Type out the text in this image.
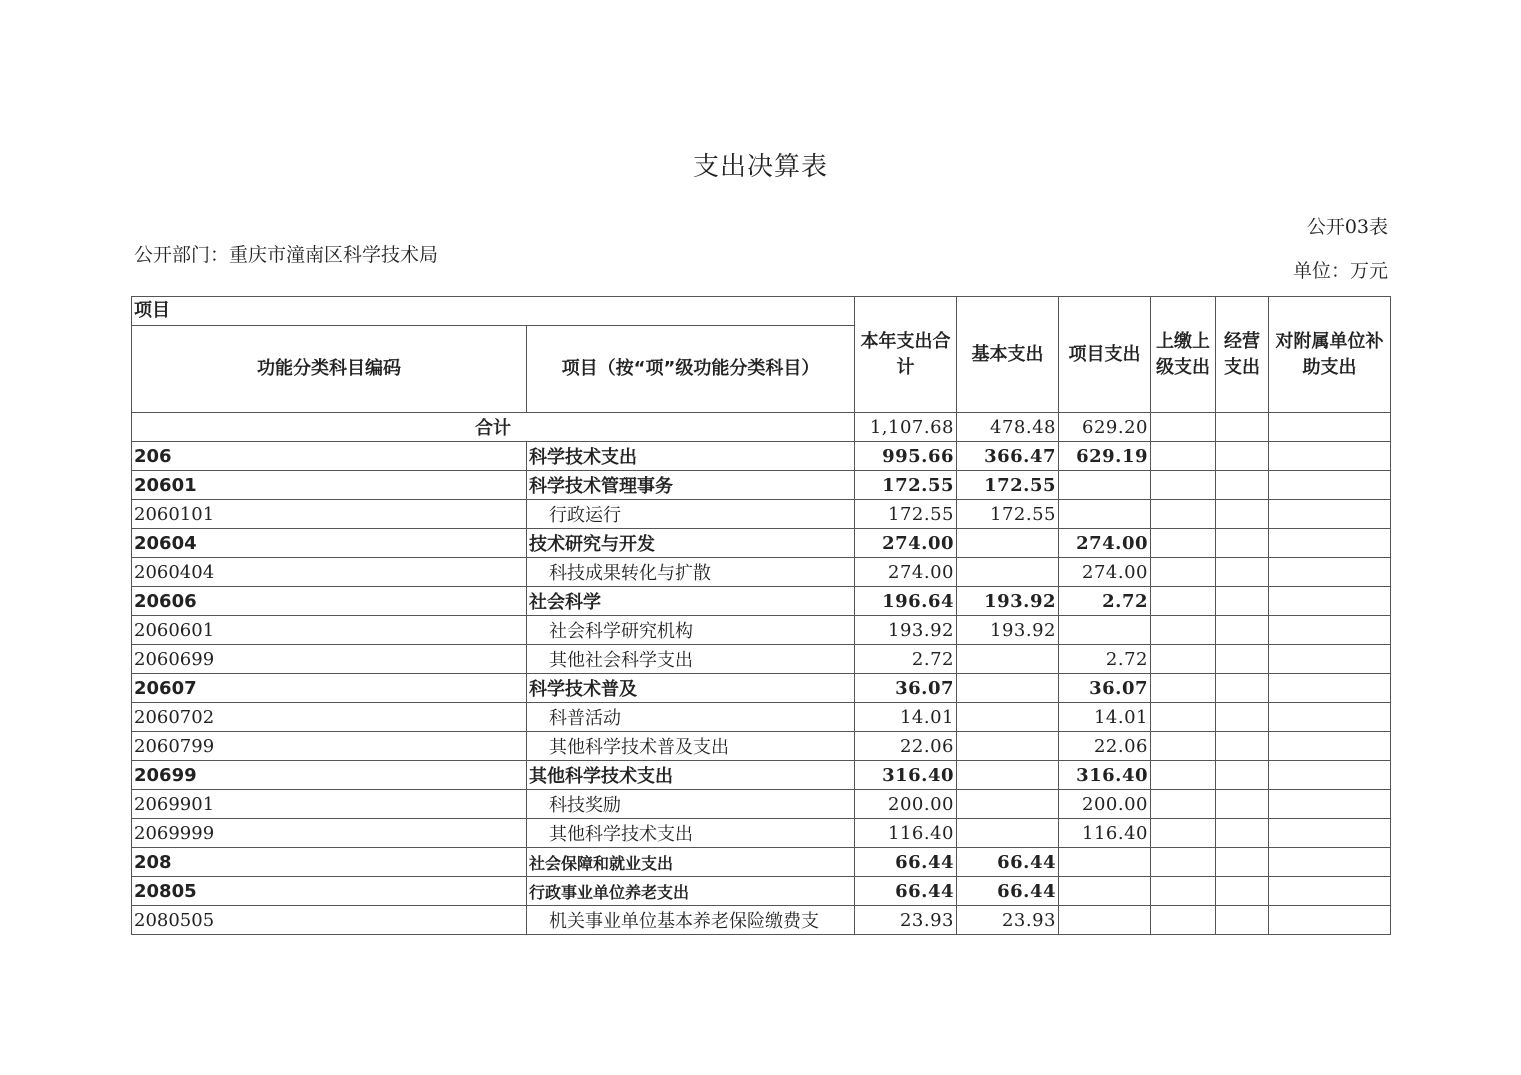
支出决算表
公开03表
公开部门：重庆市潼南区科学技术局
单位：万元
项目		本年支出合计	基本支出	项目支出	上缴上级支出	经营支出	对附属单位补助支出
功能分类科目编码	项目（按“项”级功能分类科目）						
合计		1,107.68	478.48	629.20			
206	科学技术支出	995.66	366.47	629.19			
20601	科学技术管理事务	172.55	172.55				
2060101	行政运行	172.55	172.55				
20604	技术研究与开发	274.00		274.00			
2060404	科技成果转化与扩散	274.00		274.00			
20606	社会科学	196.64	193.92	2.72			
2060601	社会科学研究机构	193.92	193.92				
2060699	其他社会科学支出	2.72		2.72			
20607	科学技术普及	36.07		36.07			
2060702	科普活动	14.01		14.01			
2060799	其他科学技术普及支出	22.06		22.06			
20699	其他科学技术支出	316.40		316.40			
2069901	科技奖励	200.00		200.00			
2069999	其他科学技术支出	116.40		116.40			
208	社会保障和就业支出	66.44	66.44				
20805	行政事业单位养老支出	66.44	66.44				
2080505	机关事业单位基本养老保险缴费支	23.93	23.93				
